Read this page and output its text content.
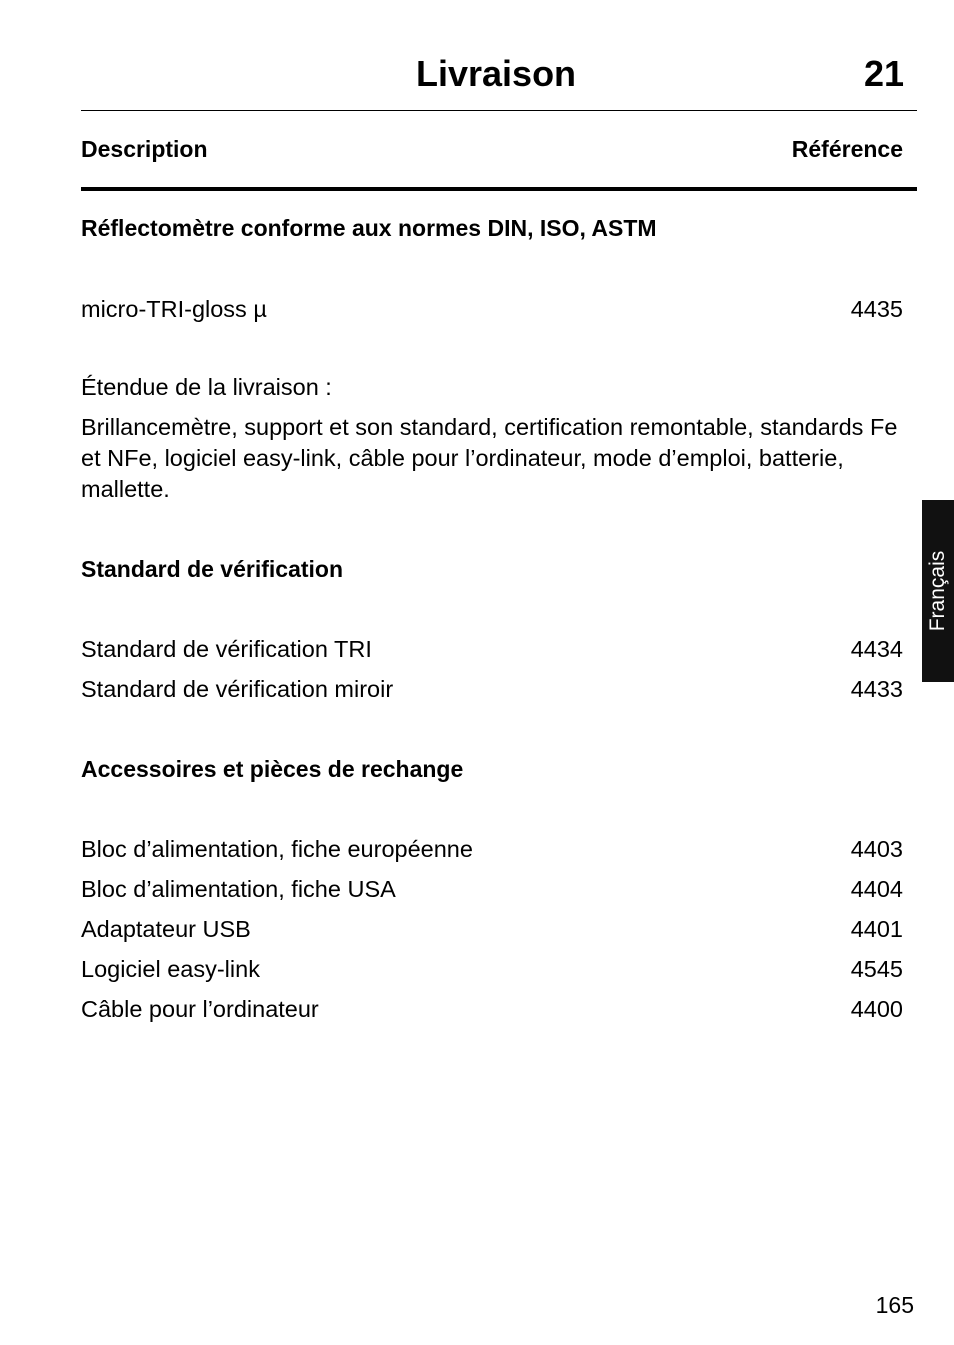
Livraison	21
Description	Référence
Réflectomètre conforme aux normes DIN, ISO, ASTM
micro-TRI-gloss µ	4435
Étendue de la livraison :
Brillancemètre, support et son standard, certification remontable, standards Fe et NFe, logiciel easy-link, câble pour l’ordinateur, mode d’emploi, batterie, mallette.
Standard de vérification
Standard de vérification TRI	4434
Standard de vérification miroir	4433
Accessoires et pièces de rechange
Bloc d’alimentation, fiche européenne	4403
Bloc d’alimentation, fiche USA	4404
Adaptateur USB	4401
Logiciel easy-link	4545
Câble pour l’ordinateur	4400
Français
165
